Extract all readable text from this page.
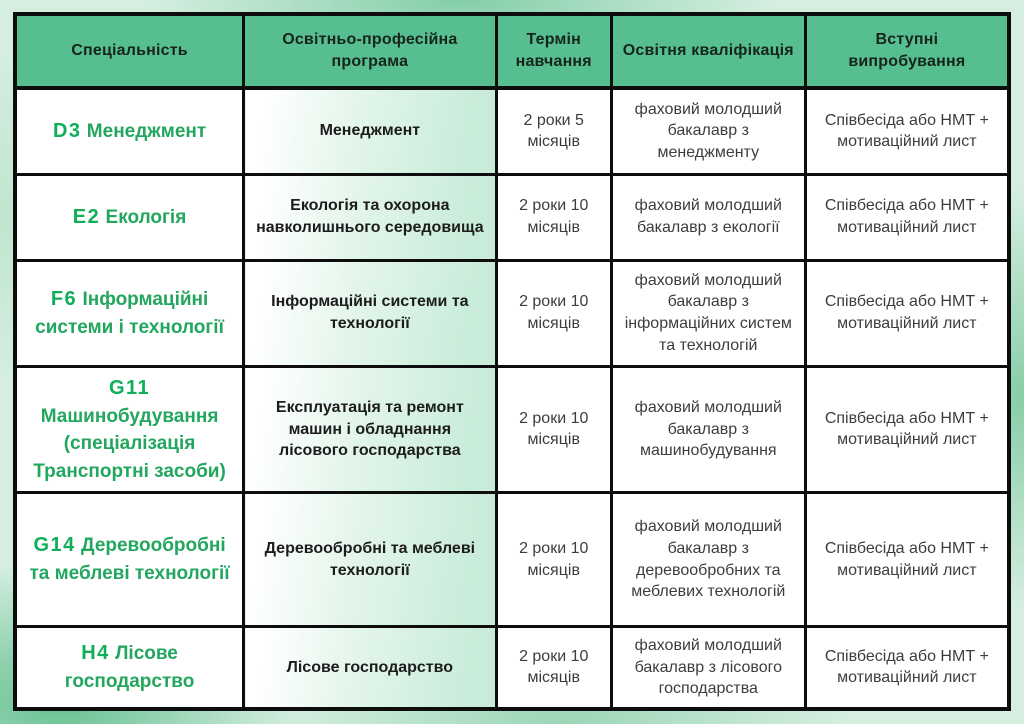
Спеціальність	Освітньо-професійна програма	Термін навчання	Освітня кваліфікація	Вступні випробування
D3 Менеджмент	Менеджмент	2 роки 5 місяців	фаховий молодший бакалавр з менеджменту	Співбесіда або НМТ + мотиваційний лист
E2 Екологія	Екологія та охорона навколишнього середовища	2 роки 10 місяців	фаховий молодший бакалавр з екології	Співбесіда або НМТ + мотиваційний лист
F6 Інформаційні системи і технології	Інформаційні системи та технології	2 роки 10 місяців	фаховий молодший бакалавр з інформаційних систем та технологій	Співбесіда або НМТ + мотиваційний лист
G11 Машинобудування (спеціалізація Транспортні засоби)	Експлуатація та ремонт машин і обладнання лісового господарства	2 роки 10 місяців	фаховий молодший бакалавр з машинобудування	Співбесіда або НМТ + мотиваційний лист
G14 Деревообробні та меблеві технології	Деревообробні та меблеві технології	2 роки 10 місяців	фаховий молодший бакалавр з деревообробних та меблевих технологій	Співбесіда або НМТ + мотиваційний лист
H4 Лісове господарство	Лісове господарство	2 роки 10 місяців	фаховий молодший бакалавр з лісового господарства	Співбесіда або НМТ + мотиваційний лист
